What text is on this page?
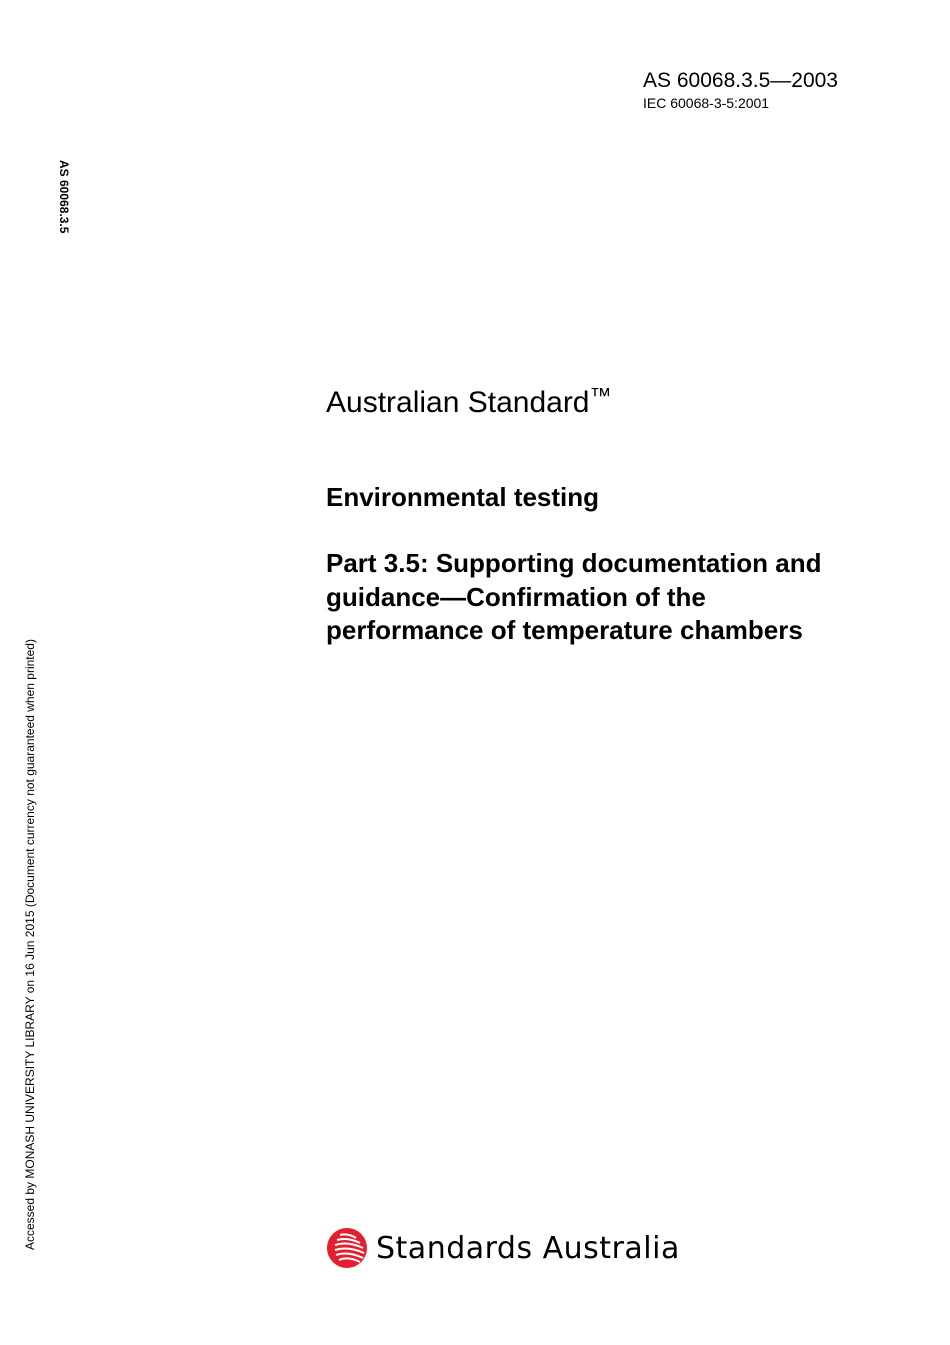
AS 60068.3.5—2003
IEC 60068-3-5:2001
AS 60068.3.5
Accessed by MONASH UNIVERSITY LIBRARY on 16 Jun 2015 (Document currency not guaranteed when printed)
Australian Standard™
Environmental testing
Part 3.5: Supporting documentation and
guidance—Confirmation of the
performance of temperature chambers
Standards Australia
